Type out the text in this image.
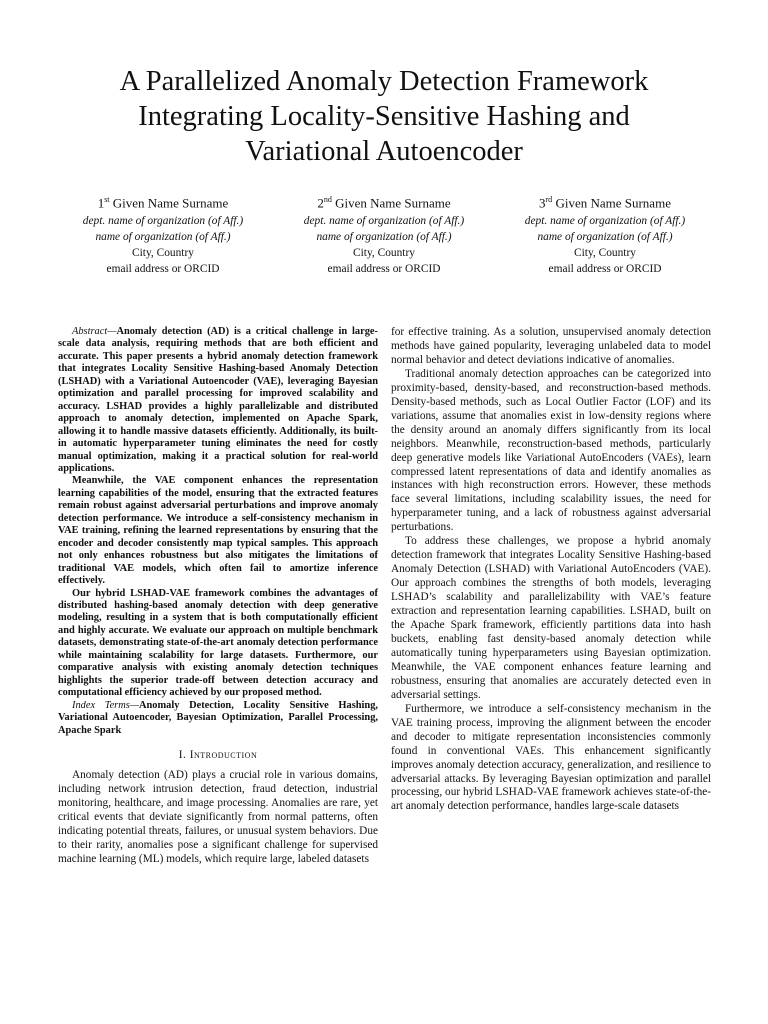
A Parallelized Anomaly Detection Framework
Integrating Locality-Sensitive Hashing and
Variational Autoencoder
1st Given Name Surname
dept. name of organization (of Aff.)
name of organization (of Aff.)
City, Country
email address or ORCID
2nd Given Name Surname
dept. name of organization (of Aff.)
name of organization (of Aff.)
City, Country
email address or ORCID
3rd Given Name Surname
dept. name of organization (of Aff.)
name of organization (of Aff.)
City, Country
email address or ORCID

Abstract—Anomaly detection (AD) is a critical challenge in large-scale data analysis, requiring methods that are both efficient and accurate. This paper presents a hybrid anomaly detection framework that integrates Locality Sensitive Hashing-based Anomaly Detection (LSHAD) with a Variational Autoencoder (VAE), leveraging Bayesian optimization and parallel processing for improved scalability and accuracy. LSHAD provides a highly parallelizable and distributed approach to anomaly detection, implemented on Apache Spark, allowing it to handle massive datasets efficiently. Additionally, its built-in automatic hyperparameter tuning eliminates the need for costly manual optimization, making it a practical solution for real-world applications.

Meanwhile, the VAE component enhances the representation learning capabilities of the model, ensuring that the extracted features remain robust against adversarial perturbations and improve anomaly detection performance. We introduce a self-consistency mechanism in VAE training, refining the learned representations by ensuring that the encoder and decoder consistently map typical samples. This approach not only enhances robustness but also mitigates the limitations of traditional VAE models, which often fail to amortize inference effectively.

Our hybrid LSHAD-VAE framework combines the advantages of distributed hashing-based anomaly detection with deep generative modeling, resulting in a system that is both computationally efficient and highly accurate. We evaluate our approach on multiple benchmark datasets, demonstrating state-of-the-art anomaly detection performance while maintaining scalability for large datasets. Furthermore, our comparative analysis with existing anomaly detection techniques highlights the superior trade-off between detection accuracy and computational efficiency achieved by our proposed method.

Index Terms—Anomaly Detection, Locality Sensitive Hashing, Variational Autoencoder, Bayesian Optimization, Parallel Processing, Apache Spark

I. Introduction

Anomaly detection (AD) plays a crucial role in various domains, including network intrusion detection, fraud detection, industrial monitoring, healthcare, and image processing. Anomalies are rare, yet critical events that deviate significantly from normal patterns, often indicating potential threats, failures, or unusual system behaviors. Due to their rarity, anomalies pose a significant challenge for supervised machine learning (ML) models, which require large, labeled datasets

for effective training. As a solution, unsupervised anomaly detection methods have gained popularity, leveraging unlabeled data to model normal behavior and detect deviations indicative of anomalies.

Traditional anomaly detection approaches can be categorized into proximity-based, density-based, and reconstruction-based methods. Density-based methods, such as Local Outlier Factor (LOF) and its variations, assume that anomalies exist in low-density regions where the density around an anomaly differs significantly from its local neighbors. Meanwhile, reconstruction-based methods, particularly deep generative models like Variational AutoEncoders (VAEs), learn compressed latent representations of data and identify anomalies as instances with high reconstruction errors. However, these methods face several limitations, including scalability issues, the need for hyperparameter tuning, and a lack of robustness against adversarial perturbations.

To address these challenges, we propose a hybrid anomaly detection framework that integrates Locality Sensitive Hashing-based Anomaly Detection (LSHAD) with Variational AutoEncoders (VAE). Our approach combines the strengths of both models, leveraging LSHAD’s scalability and parallelizability with VAE’s feature extraction and representation learning capabilities. LSHAD, built on the Apache Spark framework, efficiently partitions data into hash buckets, enabling fast density-based anomaly detection while automatically tuning hyperparameters using Bayesian optimization. Meanwhile, the VAE component enhances feature learning and robustness, ensuring that anomalies are accurately detected even in adversarial settings.

Furthermore, we introduce a self-consistency mechanism in the VAE training process, improving the alignment between the encoder and decoder to mitigate representation inconsistencies commonly found in conventional VAEs. This enhancement significantly improves anomaly detection accuracy, generalization, and resilience to adversarial attacks. By leveraging Bayesian optimization and parallel processing, our hybrid LSHAD-VAE framework achieves state-of-the-art anomaly detection performance, handles large-scale datasets
